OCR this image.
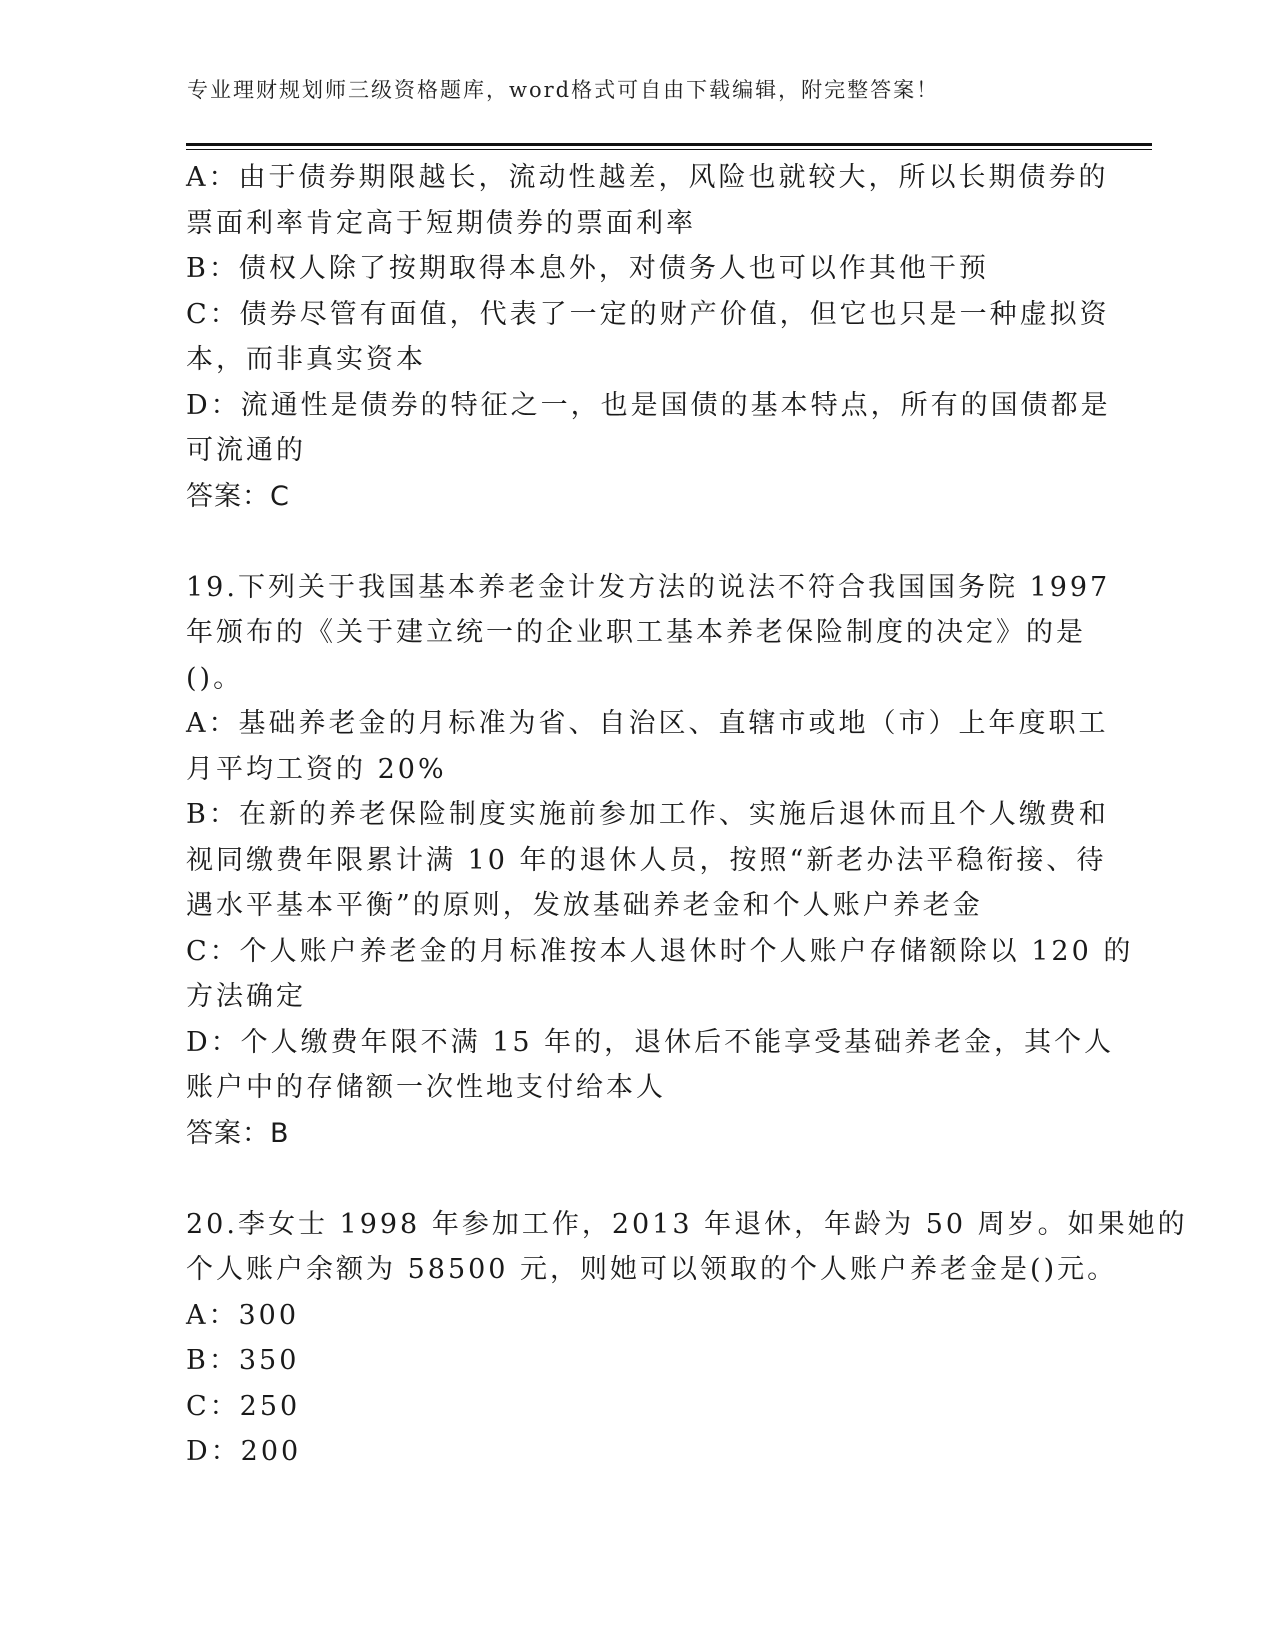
专业理财规划师三级资格题库，word格式可自由下载编辑，附完整答案！
A：由于债券期限越长，流动性越差，风险也就较大，所以长期债券的
票面利率肯定高于短期债券的票面利率
B：债权人除了按期取得本息外，对债务人也可以作其他干预
C：债券尽管有面值，代表了一定的财产价值，但它也只是一种虚拟资
本，而非真实资本
D：流通性是债券的特征之一，也是国债的基本特点，所有的国债都是
可流通的
答案：C
19.下列关于我国基本养老金计发方法的说法不符合我国国务院 1997
年颁布的《关于建立统一的企业职工基本养老保险制度的决定》的是
()。
A：基础养老金的月标准为省、自治区、直辖市或地（市）上年度职工
月平均工资的 20%
B：在新的养老保险制度实施前参加工作、实施后退休而且个人缴费和
视同缴费年限累计满 10 年的退休人员，按照“新老办法平稳衔接、待
遇水平基本平衡”的原则，发放基础养老金和个人账户养老金
C：个人账户养老金的月标准按本人退休时个人账户存储额除以 120 的
方法确定
D：个人缴费年限不满 15 年的，退休后不能享受基础养老金，其个人
账户中的存储额一次性地支付给本人
答案：B
20.李女士 1998 年参加工作，2013 年退休，年龄为 50 周岁。如果她的
个人账户余额为 58500 元，则她可以领取的个人账户养老金是()元。
A：300
B：350
C：250
D：200
